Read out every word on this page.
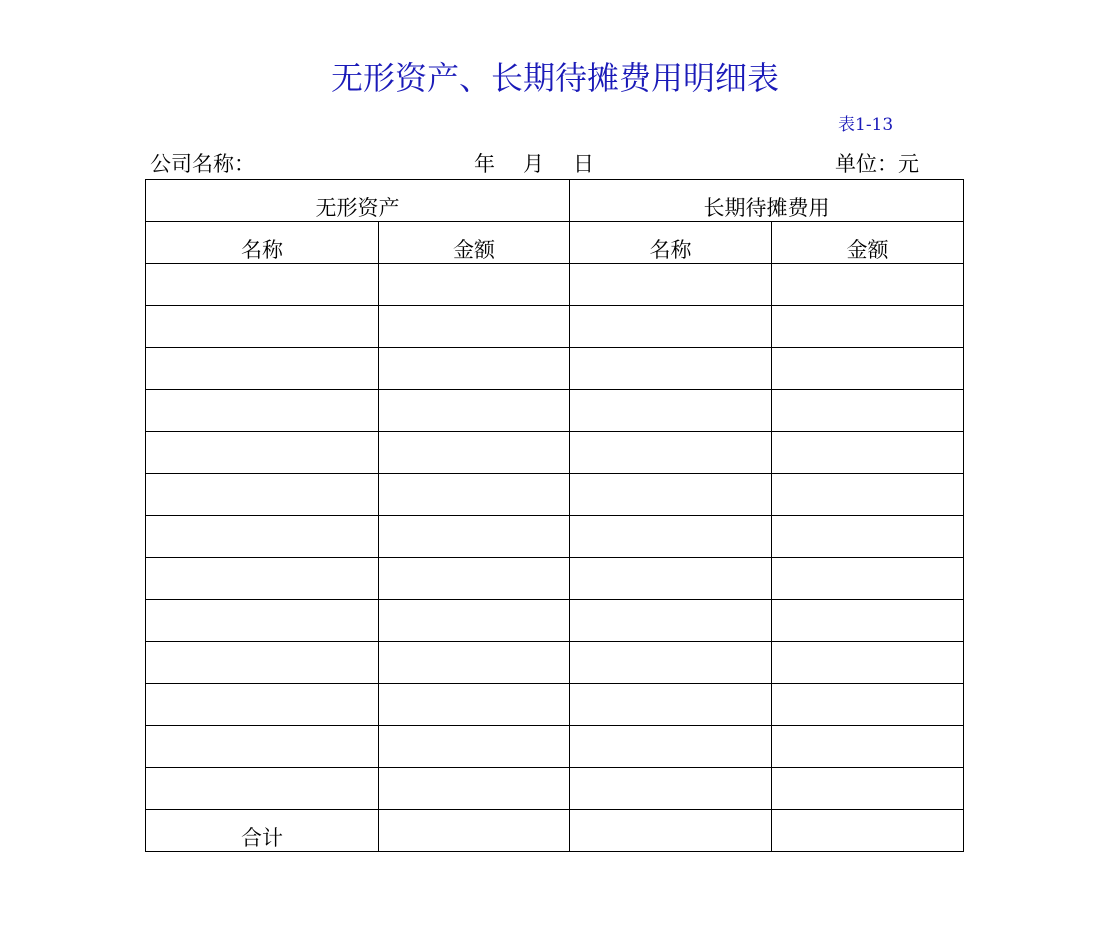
无形资产、长期待摊费用明细表
表1-13
公司名称：	年 月 日	单位：元
无形资产		长期待摊费用	
名称	金额	名称	金额

合计			
